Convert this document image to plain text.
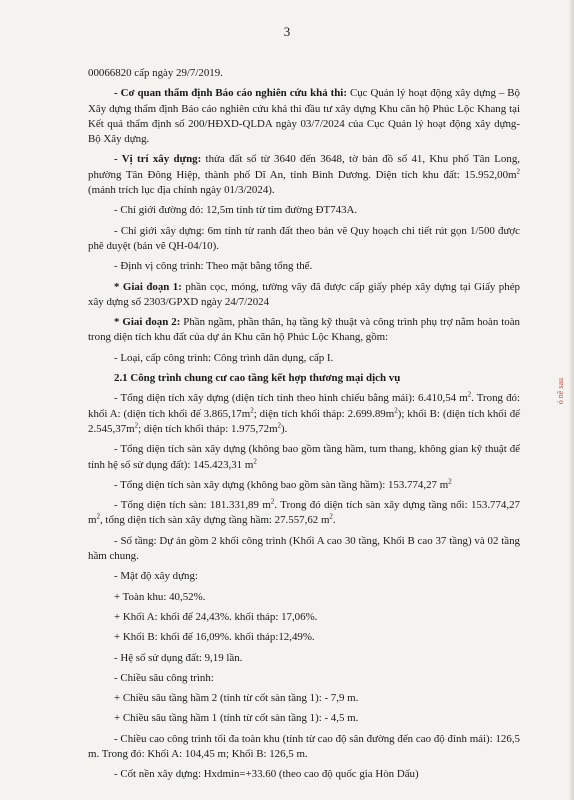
3

00066820 cấp ngày 29/7/2019.

- Cơ quan thẩm định Báo cáo nghiên cứu khả thi: Cục Quản lý hoạt động xây dựng – Bộ Xây dựng thẩm định Báo cáo nghiên cứu khả thi đầu tư xây dựng Khu căn hộ Phúc Lộc Khang tại Kết quả thẩm định số 200/HĐXD-QLDA ngày 03/7/2024 của Cục Quản lý hoạt động xây dựng- Bộ Xây dựng.

- Vị trí xây dựng: thửa đất số từ 3640 đến 3648, tờ bản đồ số 41, Khu phố Tân Long, phường Tân Đông Hiệp, thành phố Dĩ An, tỉnh Bình Dương. Diện tích khu đất: $15.952,00m^2$ (mảnh trích lục địa chính ngày 01/3/2024).

- Chỉ giới đường đỏ: 12,5m tính từ tim đường ĐT743A.

- Chỉ giới xây dựng: 6m tính từ ranh đất theo bản vẽ Quy hoạch chi tiết rút gọn 1/500 được phê duyệt (bản vẽ QH-04/10).

- Định vị công trình: Theo mặt bằng tổng thể.

* Giai đoạn 1: phần cọc, móng, tường vây đã được cấp giấy phép xây dựng tại Giấy phép xây dựng số 2303/GPXD ngày 24/7/2024

* Giai đoạn 2: Phần ngầm, phần thân, hạ tầng kỹ thuật và công trình phụ trợ nằm hoàn toàn trong diện tích khu đất của dự án Khu căn hộ Phúc Lộc Khang, gồm:

- Loại, cấp công trình: Công trình dân dụng, cấp I.

2.1 Công trình chung cư cao tầng kết hợp thương mại dịch vụ

- Tổng diện tích xây dựng (diện tích tính theo hình chiếu bằng mái): 6.410,54 $m^2$. Trong đó: khối A: (diện tích khối đế $3.865,17m^2$; diện tích khối tháp: $2.699.89m^2$); khối B: (diện tích khối đế $2.545,37m^2$; diện tích khối tháp: $1.975,72m^2$).

- Tổng diện tích sàn xây dựng (không bao gồm tầng hầm, tum thang, không gian kỹ thuật để tính hệ số sử dụng đất): 145.423,31 $m^2$

- Tổng diện tích sàn xây dựng (không bao gồm sàn tầng hầm): 153.774,27 $m^2$

- Tổng diện tích sàn: 181.331,89 $m^2$. Trong đó diện tích sàn xây dựng tầng nổi: 153.774,27 $m^2$, tổng diện tích sàn xây dựng tầng hầm: 27.557,62 $m^2$.

- Số tầng: Dự án gồm 2 khối công trình (Khối A cao 30 tầng, Khối B cao 37 tầng) và 02 tầng hầm chung.

- Mật độ xây dựng:

+ Toàn khu: 40,52%.

+ Khối A: khối đế 24,43%. khối tháp: 17,06%.

+ Khối B: khối đế 16,09%. khối tháp:12,49%.

- Hệ số sử dụng đất: 9,19 lần.

- Chiều sâu công trình:

+ Chiều sâu tầng hầm 2 (tính từ cốt sàn tầng 1): - 7,9 m.

+ Chiều sâu tầng hầm 1 (tính từ cốt sàn tầng 1): - 4,5 m.

- Chiều cao công trình tối đa toàn khu (tính từ cao độ sân đường đến cao độ đỉnh mái): 126,5 m. Trong đó: Khối A: 104,45 m; Khối B: 126,5 m.

- Cốt nền xây dựng: Hxdmin=+33.60 (theo cao độ quốc gia Hòn Dấu)

ó nê sau
